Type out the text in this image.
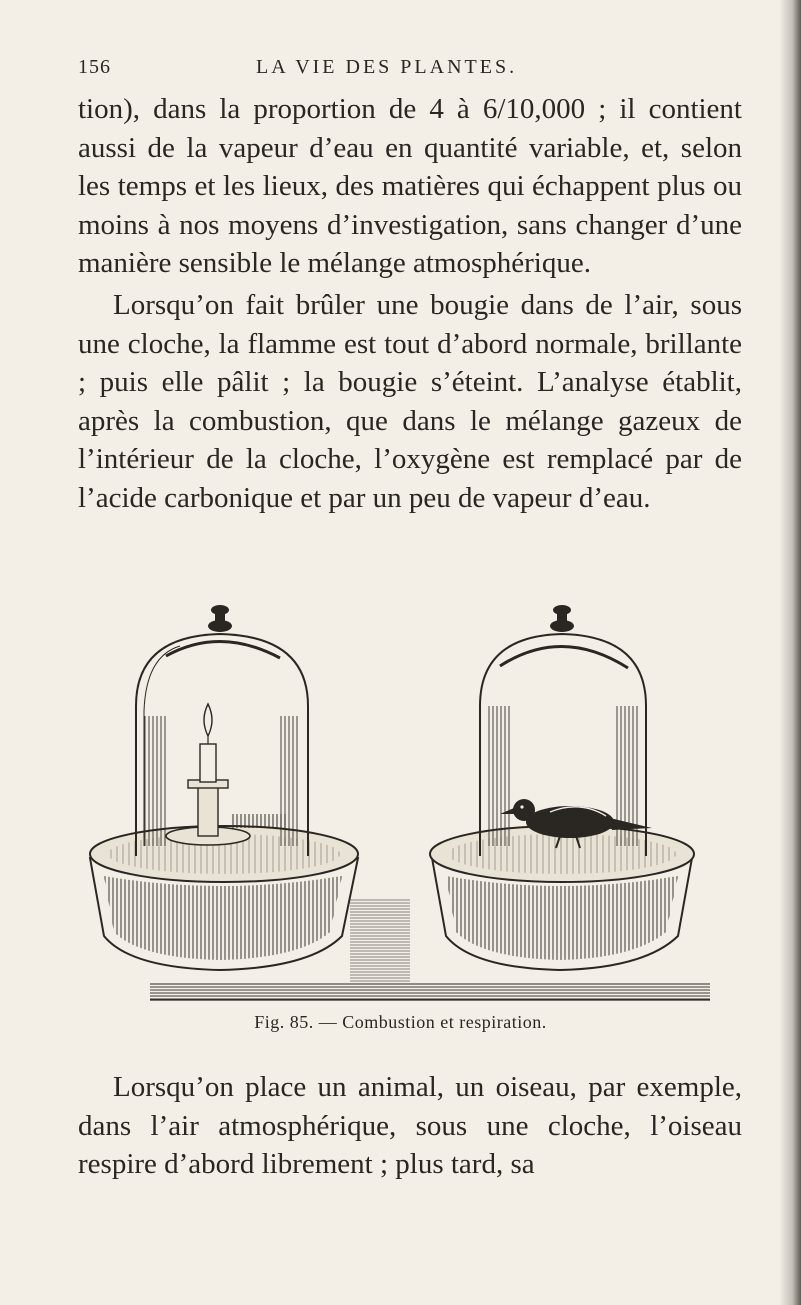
156	LA VIE DES PLANTES.

tion), dans la proportion de 4 à 6/10,000 ; il contient aussi de la vapeur d’eau en quantité variable, et, selon les temps et les lieux, des matières qui échappent plus ou moins à nos moyens d’investigation, sans changer d’une manière sensible le mélange atmosphérique.

Lorsqu’on fait brûler une bougie dans de l’air, sous une cloche, la flamme est tout d’abord normale, brillante ; puis elle pâlit ; la bougie s’éteint. L’analyse établit, après la combustion, que dans le mélange gazeux de l’intérieur de la cloche, l’oxygène est remplacé par de l’acide carbonique et par un peu de vapeur d’eau.

Fig. 85. — Combustion et respiration.

Lorsqu’on place un animal, un oiseau, par exemple, dans l’air atmosphérique, sous une cloche, l’oiseau respire d’abord librement ; plus tard, sa
